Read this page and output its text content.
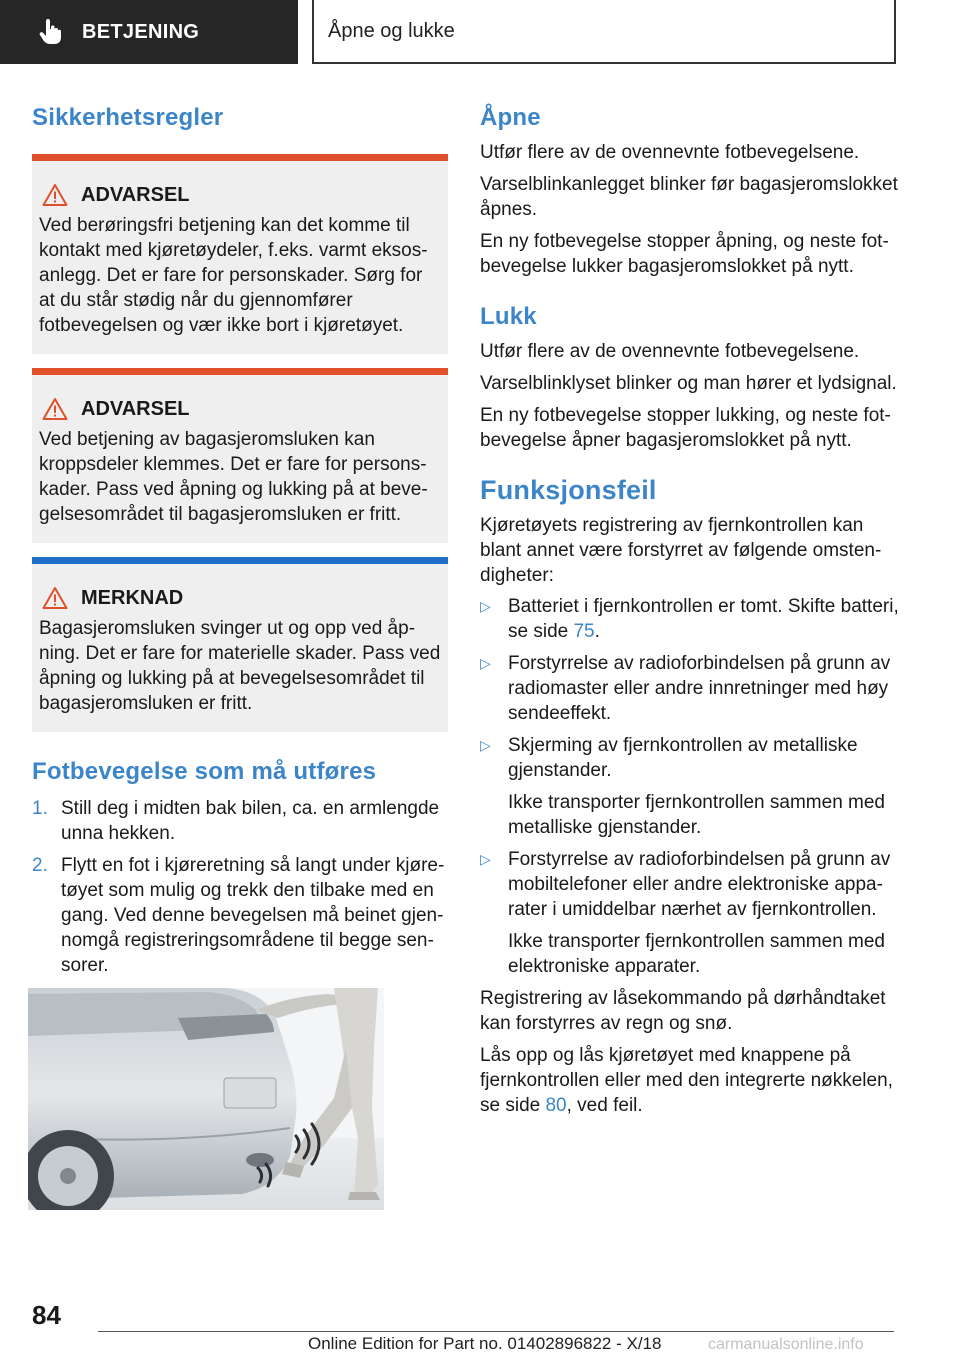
BETJENING	Åpne og lukke
Sikkerhetsregler
ADVARSEL

Ved berøringsfri betjening kan det komme til kontakt med kjøretøydeler, f.eks. varmt eksosanlegg. Det er fare for personskader. Sørg for at du står stødig når du gjennomfører fotbevegelsen og vær ikke bort i kjøretøyet.

ADVARSEL

Ved betjening av bagasjeromsluken kan kroppsdeler klemmes. Det er fare for personskader. Pass ved åpning og lukking på at bevegelsesområdet til bagasjeromsluken er fritt.

MERKNAD

Bagasjeromsluken svinger ut og opp ved åpning. Det er fare for materielle skader. Pass ved åpning og lukking på at bevegelsesområdet til bagasjeromsluken er fritt.

Fotbevegelse som må utføres
1. Still deg i midten bak bilen, ca. en armlengde unna hekken.
2. Flytt en fot i kjøreretning så langt under kjøretøyet som mulig og trekk den tilbake med en gang. Ved denne bevegelsen må beinet gjennomgå registreringsområdene til begge sensorer.
Åpne

Utfør flere av de ovennevnte fotbevegelsene.

Varselblinkanlegget blinker før bagasjeromslokket åpnes.

En ny fotbevegelse stopper åpning, og neste fotbevegelse lukker bagasjeromslokket på nytt.

Lukk

Utfør flere av de ovennevnte fotbevegelsene.

Varselblinklyset blinker og man hører et lydsignal.

En ny fotbevegelse stopper lukking, og neste fotbevegelse åpner bagasjeromslokket på nytt.

Funksjonsfeil

Kjøretøyets registrering av fjernkontrollen kan blant annet være forstyrret av følgende omstendigheter:

▷ Batteriet i fjernkontrollen er tomt. Skifte batteri, se side 75.
▷ Forstyrrelse av radioforbindelsen på grunn av radiomaster eller andre innretninger med høy sendeeffekt.
▷ Skjerming av fjernkontrollen av metalliske gjenstander.
Ikke transporter fjernkontrollen sammen med metalliske gjenstander.
▷ Forstyrrelse av radioforbindelsen på grunn av mobiltelefoner eller andre elektroniske apparater i umiddelbar nærhet av fjernkontrollen.
Ikke transporter fjernkontrollen sammen med elektroniske apparater.

Registrering av låsekommando på dørhåndtaket kan forstyrres av regn og snø.

Lås opp og lås kjøretøyet med knappene på fjernkontrollen eller med den integrerte nøkkelen, se side 80, ved feil.

84
Online Edition for Part no. 01402896822 - X/18	carmanualsonline.info
